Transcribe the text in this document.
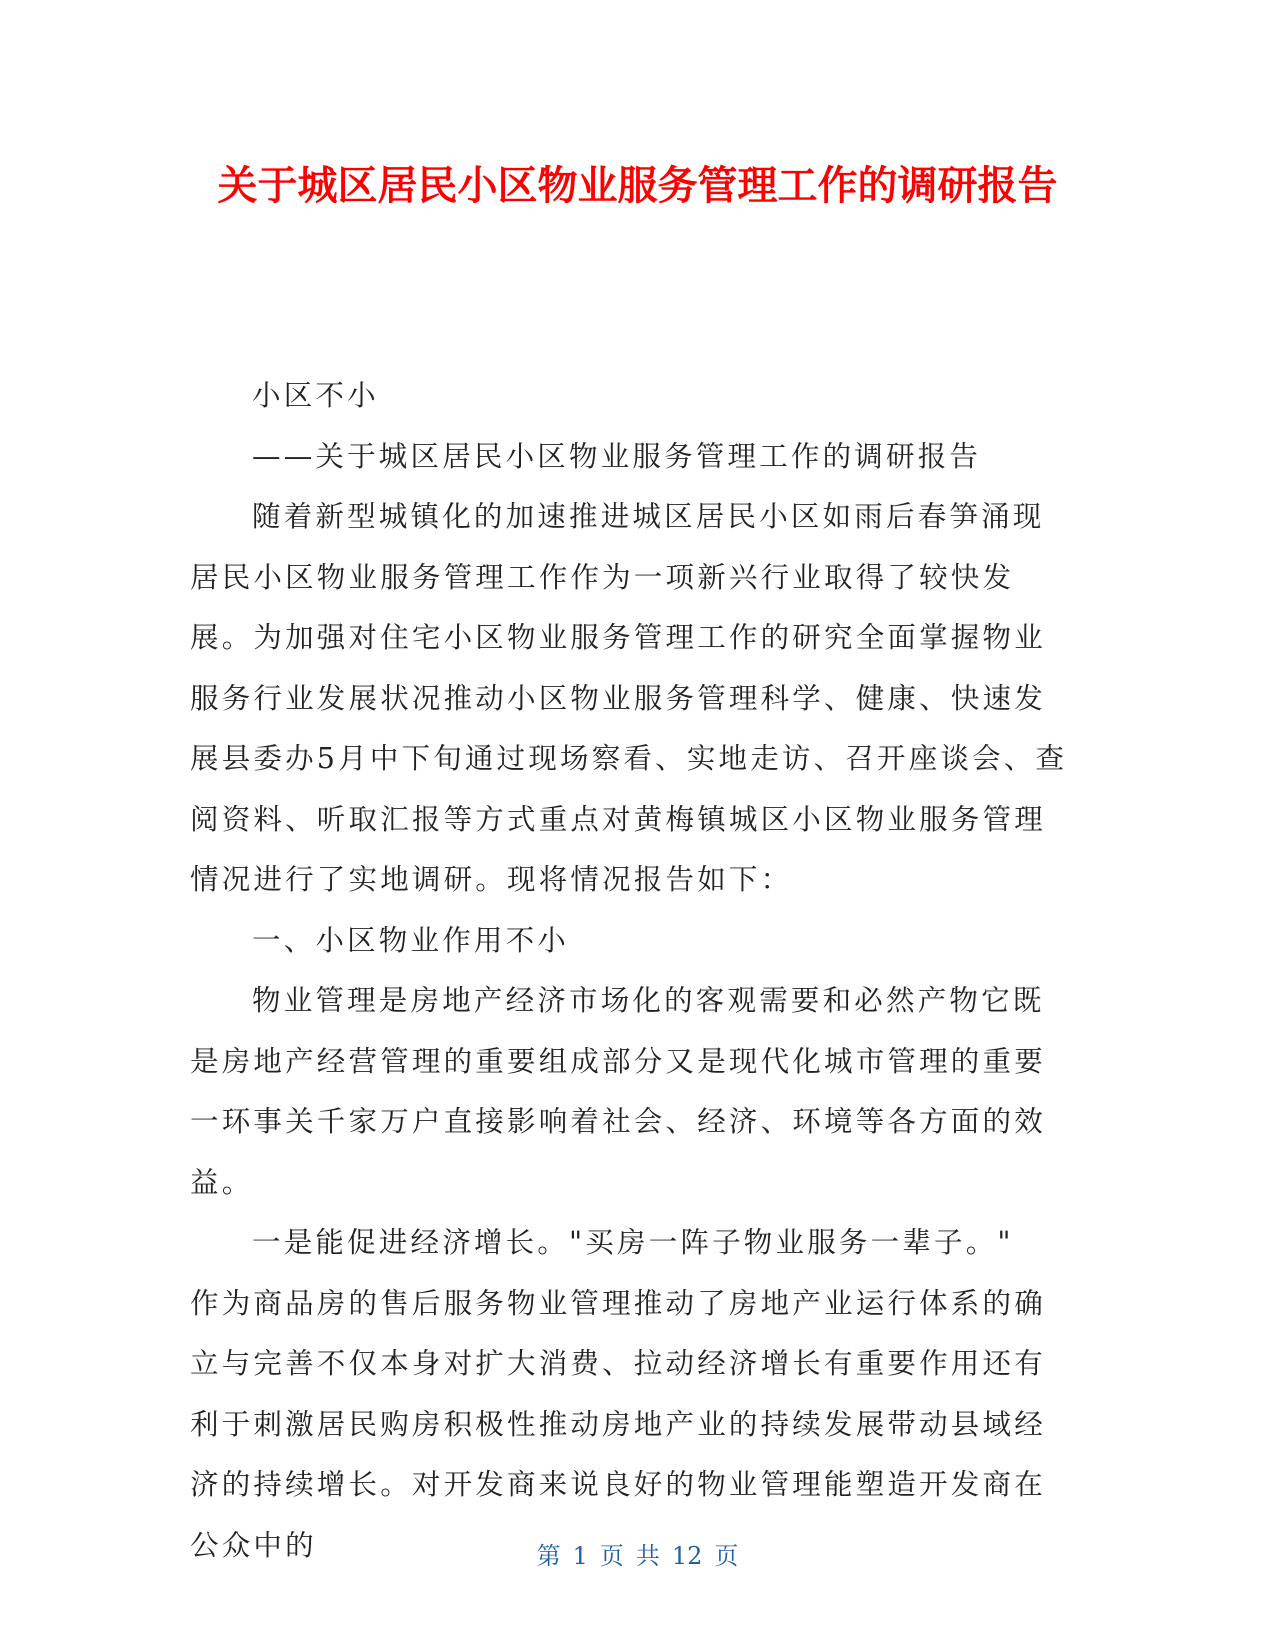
关于城区居民小区物业服务管理工作的调研报告

小区不小

——关于城区居民小区物业服务管理工作的调研报告

随着新型城镇化的加速推进城区居民小区如雨后春笋涌现居民小区物业服务管理工作作为一项新兴行业取得了较快发展。为加强对住宅小区物业服务管理工作的研究全面掌握物业服务行业发展状况推动小区物业服务管理科学、健康、快速发展县委办5月中下旬通过现场察看、实地走访、召开座谈会、查阅资料、听取汇报等方式重点对黄梅镇城区小区物业服务管理情况进行了实地调研。现将情况报告如下：

一、小区物业作用不小

物业管理是房地产经济市场化的客观需要和必然产物它既是房地产经营管理的重要组成部分又是现代化城市管理的重要一环事关千家万户直接影响着社会、经济、环境等各方面的效益。

一是能促进经济增长。"买房一阵子物业服务一辈子。"

作为商品房的售后服务物业管理推动了房地产业运行体系的确立与完善不仅本身对扩大消费、拉动经济增长有重要作用还有利于刺激居民购房积极性推动房地产业的持续发展带动县域经济的持续增长。对开发商来说良好的物业管理能塑造开发商在公众中的	第 1 页 共 12 页
